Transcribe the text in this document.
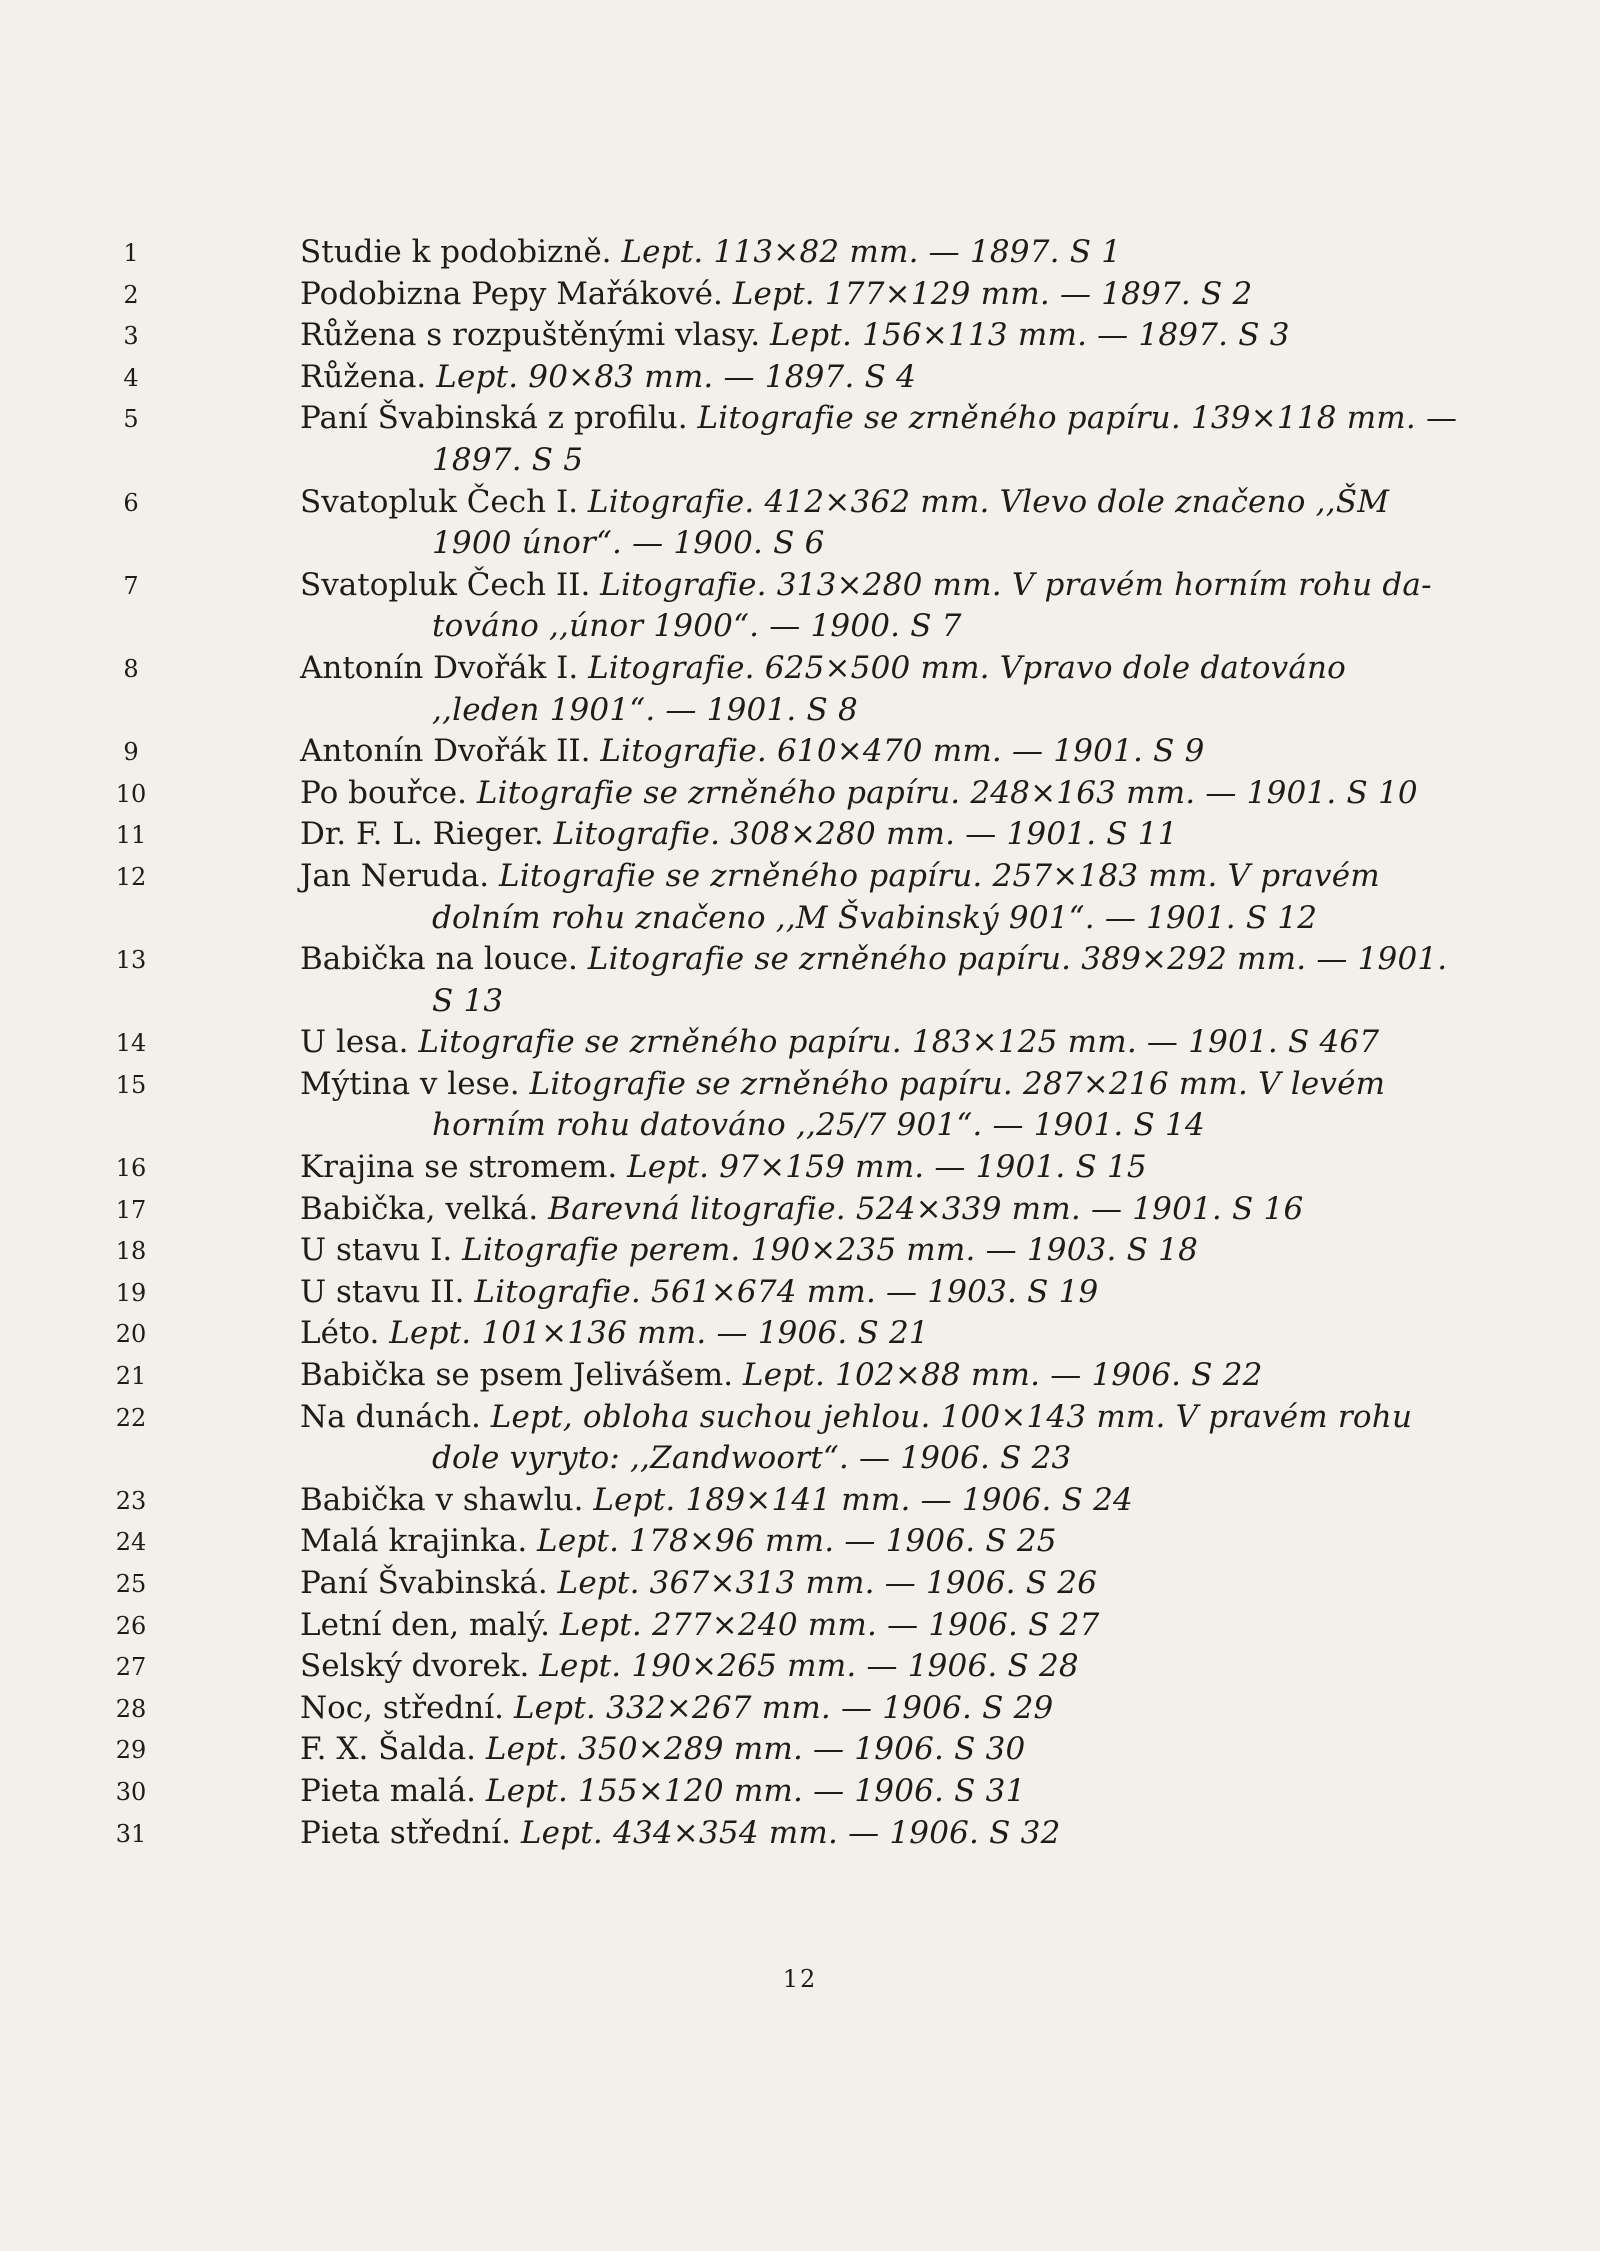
1	Studie k podobizně. Lept. 113×82 mm. — 1897. S 1
2	Podobizna Pepy Mařákové. Lept. 177×129 mm. — 1897. S 2
3	Růžena s rozpuštěnými vlasy. Lept. 156×113 mm. — 1897. S 3
4	Růžena. Lept. 90×83 mm. — 1897. S 4
5	Paní Švabinská z profilu. Litografie se zrněného papíru. 139×118 mm. —
1897. S 5
6	Svatopluk Čech I. Litografie. 412×362 mm. Vlevo dole značeno ,,ŠM
1900 únor“. — 1900. S 6
7	Svatopluk Čech II. Litografie. 313×280 mm. V pravém horním rohu da-
továno ,,únor 1900“. — 1900. S 7
8	Antonín Dvořák I. Litografie. 625×500 mm. Vpravo dole datováno
,,leden 1901“. — 1901. S 8
9	Antonín Dvořák II. Litografie. 610×470 mm. — 1901. S 9
10	Po bouřce. Litografie se zrněného papíru. 248×163 mm. — 1901. S 10
11	Dr. F. L. Rieger. Litografie. 308×280 mm. — 1901. S 11
12	Jan Neruda. Litografie se zrněného papíru. 257×183 mm. V pravém
dolním rohu značeno ,,M Švabinský 901“. — 1901. S 12
13	Babička na louce. Litografie se zrněného papíru. 389×292 mm. — 1901.
S 13
14	U lesa. Litografie se zrněného papíru. 183×125 mm. — 1901. S 467
15	Mýtina v lese. Litografie se zrněného papíru. 287×216 mm. V levém
horním rohu datováno ,,25/7 901“. — 1901. S 14
16	Krajina se stromem. Lept. 97×159 mm. — 1901. S 15
17	Babička, velká. Barevná litografie. 524×339 mm. — 1901. S 16
18	U stavu I. Litografie perem. 190×235 mm. — 1903. S 18
19	U stavu II. Litografie. 561×674 mm. — 1903. S 19
20	Léto. Lept. 101×136 mm. — 1906. S 21
21	Babička se psem Jelivášem. Lept. 102×88 mm. — 1906. S 22
22	Na dunách. Lept, obloha suchou jehlou. 100×143 mm. V pravém rohu
dole vyryto: ,,Zandwoort“. — 1906. S 23
23	Babička v shawlu. Lept. 189×141 mm. — 1906. S 24
24	Malá krajinka. Lept. 178×96 mm. — 1906. S 25
25	Paní Švabinská. Lept. 367×313 mm. — 1906. S 26
26	Letní den, malý. Lept. 277×240 mm. — 1906. S 27
27	Selský dvorek. Lept. 190×265 mm. — 1906. S 28
28	Noc, střední. Lept. 332×267 mm. — 1906. S 29
29	F. X. Šalda. Lept. 350×289 mm. — 1906. S 30
30	Pieta malá. Lept. 155×120 mm. — 1906. S 31
31	Pieta střední. Lept. 434×354 mm. — 1906. S 32
12
